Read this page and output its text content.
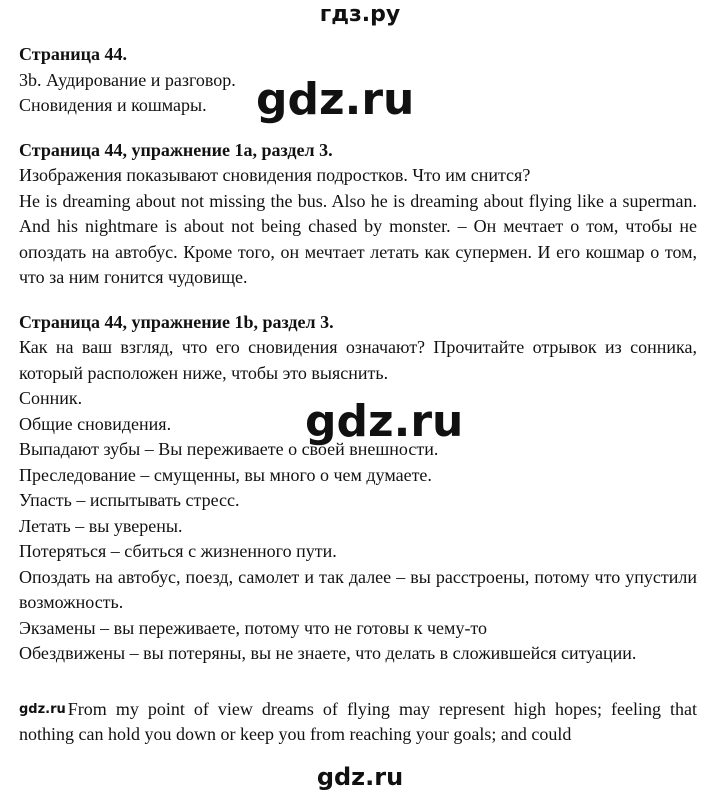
гдз.ру

Страница 44.

3b. Аудирование и разговор.

Сновидения и кошмары.

Страница 44, упражнение 1a, раздел 3.

Изображения показывают сновидения подростков. Что им снится?

He is dreaming about not missing the bus. Also he is dreaming about flying like a superman. And his nightmare is about not being chased by monster. – Он мечтает о том, чтобы не опоздать на автобус. Кроме того, он мечтает летать как супермен. И его кошмар о том, что за ним гонится чудовище.

Страница 44, упражнение 1b, раздел 3.

Как на ваш взгляд, что его сновидения означают? Прочитайте отрывок из сонника, который расположен ниже, чтобы это выяснить.

Сонник.

Общие сновидения.

Выпадают зубы – Вы переживаете о своей внешности.

Преследование – смущенны, вы много о чем думаете.

Упасть – испытывать стресс.

Летать – вы уверены.

Потеряться – сбиться с жизненного пути.

Опоздать на автобус, поезд, самолет и так далее – вы расстроены, потому что упустили возможность.

Экзамены – вы переживаете, потому что не готовы к чему-то

Обездвижены – вы потеряны, вы не знаете, что делать в сложившейся ситуации.

gdz.ru From my point of view dreams of flying may represent high hopes; feeling that nothing can hold you down or keep you from reaching your goals; and could

gdz.ru
gdz.ru
gdz.ru
